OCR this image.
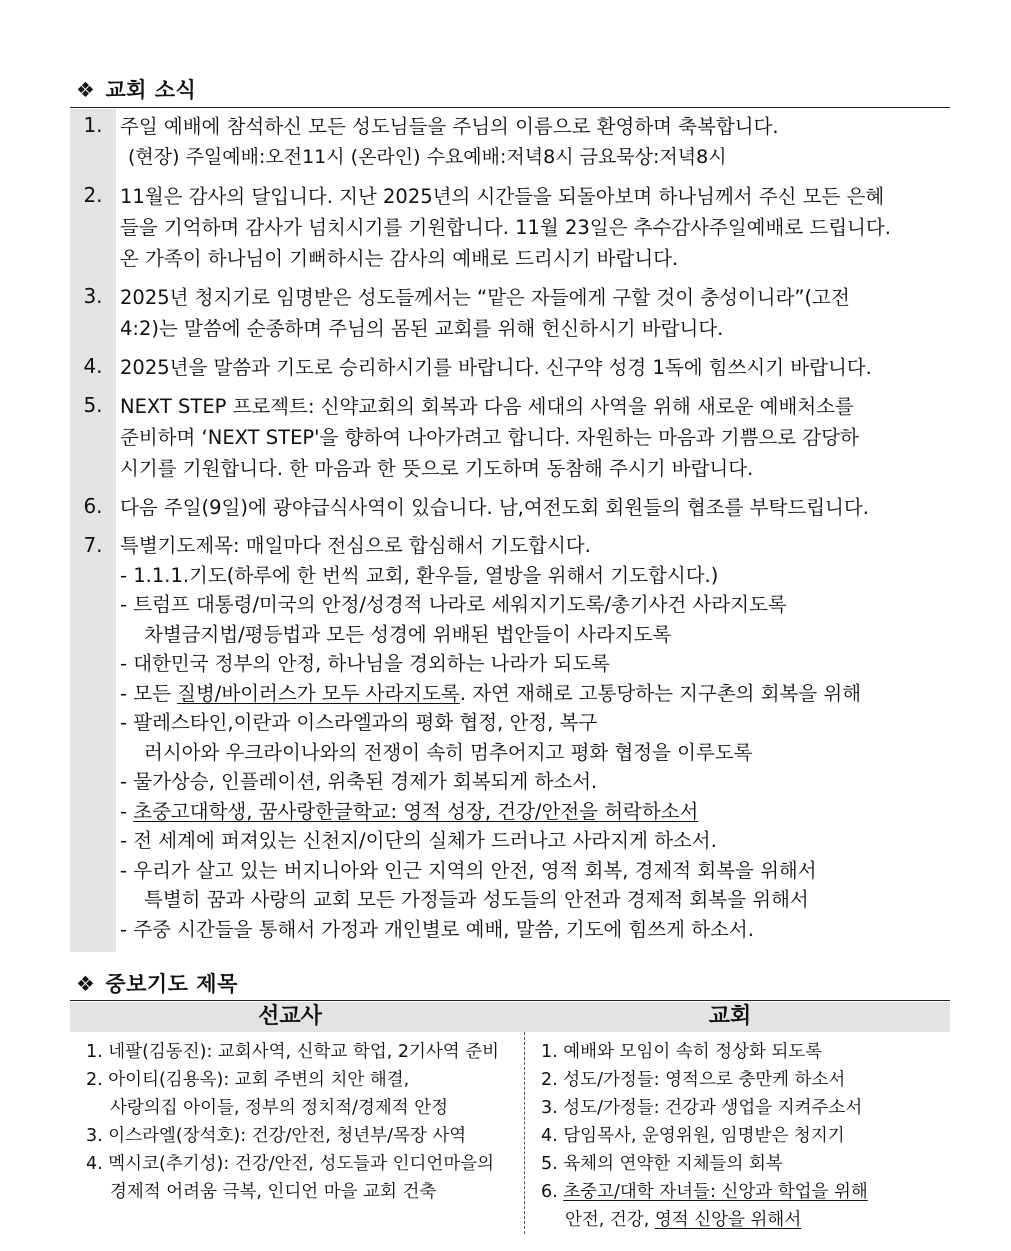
❖ 교회 소식
1. 주일 예배에 참석하신 모든 성도님들을 주님의 이름으로 환영하며 축복합니다.
(현장) 주일예배:오전11시 (온라인) 수요예배:저녁8시 금요묵상:저녁8시
2. 11월은 감사의 달입니다. 지난 2025년의 시간들을 되돌아보며 하나님께서 주신 모든 은혜
들을 기억하며 감사가 넘치시기를 기원합니다. 11월 23일은 추수감사주일예배로 드립니다.
온 가족이 하나님이 기뻐하시는 감사의 예배로 드리시기 바랍니다.
3. 2025년 청지기로 임명받은 성도들께서는 “맡은 자들에게 구할 것이 충성이니라”(고전
4:2)는 말씀에 순종하며 주님의 몸된 교회를 위해 헌신하시기 바랍니다.
4. 2025년을 말씀과 기도로 승리하시기를 바랍니다. 신구약 성경 1독에 힘쓰시기 바랍니다.
5. NEXT STEP 프로젝트: 신약교회의 회복과 다음 세대의 사역을 위해 새로운 예배처소를
준비하며 ‘NEXT STEP'을 향하여 나아가려고 합니다. 자원하는 마음과 기쁨으로 감당하
시기를 기원합니다. 한 마음과 한 뜻으로 기도하며 동참해 주시기 바랍니다.
6. 다음 주일(9일)에 광야급식사역이 있습니다. 남,여전도회 회원들의 협조를 부탁드립니다.
7. 특별기도제목: 매일마다 전심으로 합심해서 기도합시다.
- 1.1.1.기도(하루에 한 번씩 교회, 환우들, 열방을 위해서 기도합시다.)
- 트럼프 대통령/미국의 안정/성경적 나라로 세워지기도록/총기사건 사라지도록
차별금지법/평등법과 모든 성경에 위배된 법안들이 사라지도록
- 대한민국 정부의 안정, 하나님을 경외하는 나라가 되도록
- 모든 질병/바이러스가 모두 사라지도록. 자연 재해로 고통당하는 지구촌의 회복을 위해
- 팔레스타인,이란과 이스라엘과의 평화 협정, 안정, 복구
러시아와 우크라이나와의 전쟁이 속히 멈추어지고 평화 협정을 이루도록
- 물가상승, 인플레이션, 위축된 경제가 회복되게 하소서.
- 초중고대학생, 꿈사랑한글학교: 영적 성장, 건강/안전을 허락하소서
- 전 세계에 퍼져있는 신천지/이단의 실체가 드러나고 사라지게 하소서.
- 우리가 살고 있는 버지니아와 인근 지역의 안전, 영적 회복, 경제적 회복을 위해서
특별히 꿈과 사랑의 교회 모든 가정들과 성도들의 안전과 경제적 회복을 위해서
- 주중 시간들을 통해서 가정과 개인별로 예배, 말씀, 기도에 힘쓰게 하소서.
❖ 중보기도 제목
선교사	교회
1. 네팔(김동진): 교회사역, 신학교 학업, 2기사역 준비
2. 아이티(김용옥): 교회 주변의 치안 해결,
사랑의집 아이들, 정부의 정치적/경제적 안정
3. 이스라엘(장석호): 건강/안전, 청년부/목장 사역
4. 멕시코(추기성): 건강/안전, 성도들과 인디언마을의
경제적 어려움 극복, 인디언 마을 교회 건축
1. 예배와 모임이 속히 정상화 되도록
2. 성도/가정들: 영적으로 충만케 하소서
3. 성도/가정들: 건강과 생업을 지켜주소서
4. 담임목사, 운영위원, 임명받은 청지기
5. 육체의 연약한 지체들의 회복
6. 초중고/대학 자녀들: 신앙과 학업을 위해
안전, 건강, 영적 신앙을 위해서
